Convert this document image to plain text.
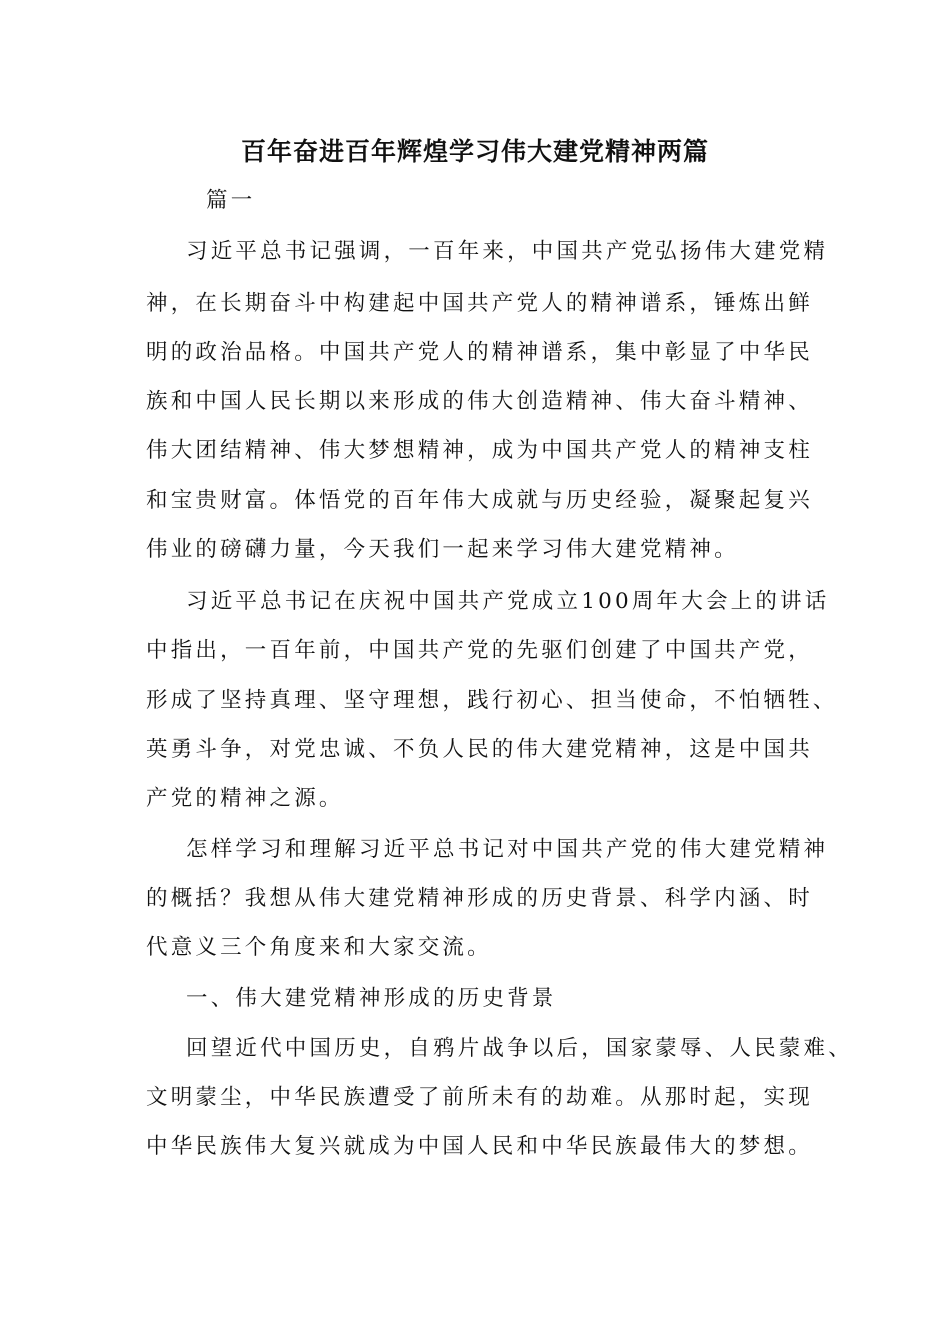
百年奋进百年辉煌学习伟大建党精神两篇
篇一
习近平总书记强调，一百年来，中国共产党弘扬伟大建党精
神，在长期奋斗中构建起中国共产党人的精神谱系，锤炼出鲜
明的政治品格。中国共产党人的精神谱系，集中彰显了中华民
族和中国人民长期以来形成的伟大创造精神、伟大奋斗精神、
伟大团结精神、伟大梦想精神，成为中国共产党人的精神支柱
和宝贵财富。体悟党的百年伟大成就与历史经验，凝聚起复兴
伟业的磅礴力量，今天我们一起来学习伟大建党精神。
习近平总书记在庆祝中国共产党成立100周年大会上的讲话
中指出，一百年前，中国共产党的先驱们创建了中国共产党，
形成了坚持真理、坚守理想，践行初心、担当使命，不怕牺牲、
英勇斗争，对党忠诚、不负人民的伟大建党精神，这是中国共
产党的精神之源。
怎样学习和理解习近平总书记对中国共产党的伟大建党精神
的概括？我想从伟大建党精神形成的历史背景、科学内涵、时
代意义三个角度来和大家交流。
一、伟大建党精神形成的历史背景
回望近代中国历史，自鸦片战争以后，国家蒙辱、人民蒙难、
文明蒙尘，中华民族遭受了前所未有的劫难。从那时起，实现
中华民族伟大复兴就成为中国人民和中华民族最伟大的梦想。
